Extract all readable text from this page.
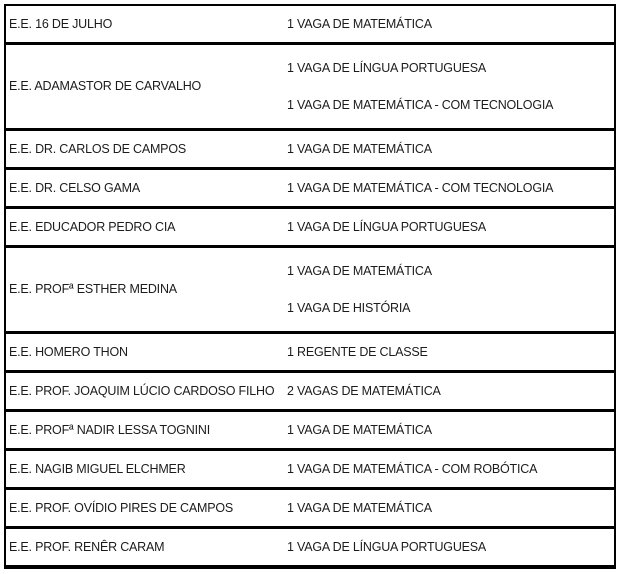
E.E. 16 DE JULHO	1 VAGA DE MATEMÁTICA
E.E. ADAMASTOR DE CARVALHO
1 VAGA DE LÍNGUA PORTUGUESA
1 VAGA DE MATEMÁTICA - COM TECNOLOGIA
E.E. DR. CARLOS DE CAMPOS	1 VAGA DE MATEMÁTICA
E.E. DR. CELSO GAMA	1 VAGA DE MATEMÁTICA - COM TECNOLOGIA
E.E. EDUCADOR PEDRO CIA	1 VAGA DE LÍNGUA PORTUGUESA
E.E. PROFª ESTHER MEDINA
1 VAGA DE MATEMÁTICA
1 VAGA DE HISTÓRIA
E.E. HOMERO THON	1 REGENTE DE CLASSE
E.E. PROF. JOAQUIM LÚCIO CARDOSO FILHO 2 VAGAS DE MATEMÁTICA
E.E. PROFª NADIR LESSA TOGNINI	1 VAGA DE MATEMÁTICA
E.E. NAGIB MIGUEL ELCHMER	1 VAGA DE MATEMÁTICA - COM ROBÓTICA
E.E. PROF. OVÍDIO PIRES DE CAMPOS	1 VAGA DE MATEMÁTICA
E.E. PROF. RENÊR CARAM	1 VAGA DE LÍNGUA PORTUGUESA
